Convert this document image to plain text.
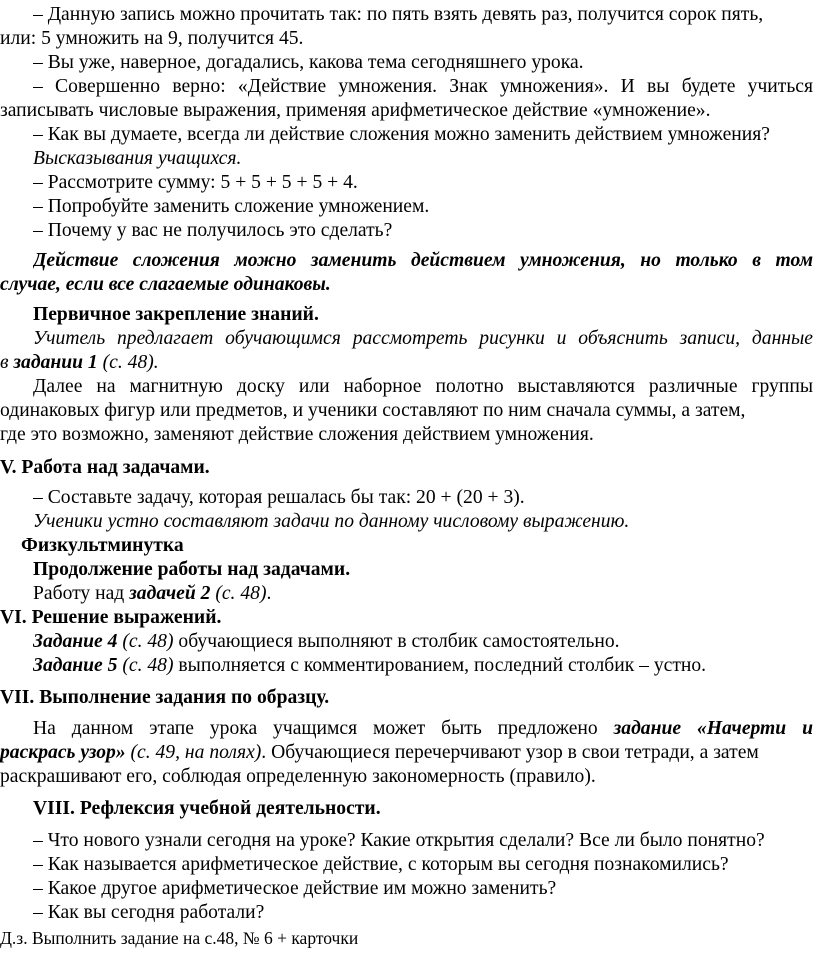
– Данную запись можно прочитать так: по пять взять девять раз, получится сорок пять,
или: 5 умножить на 9, получится 45.
– Вы уже, наверное, догадались, какова тема сегодняшнего урока.
– Совершенно верно: «Действие умножения. Знак умножения». И вы будете учиться
записывать числовые выражения, применяя арифметическое действие «умножение».
– Как вы думаете, всегда ли действие сложения можно заменить действием умножения?
Высказывания учащихся.
– Рассмотрите сумму: 5 + 5 + 5 + 5 + 4.
– Попробуйте заменить сложение умножением.
– Почему у вас не получилось это сделать?
Действие сложения можно заменить действием умножения, но только в том
случае, если все слагаемые одинаковы.
Первичное закрепление знаний.
Учитель предлагает обучающимся рассмотреть рисунки и объяснить записи, данные
в задании 1 (с. 48).
Далее на магнитную доску или наборное полотно выставляются различные группы
одинаковых фигур или предметов, и ученики составляют по ним сначала суммы, а затем,
где это возможно, заменяют действие сложения действием умножения.
V. Работа над задачами.
– Составьте задачу, которая решалась бы так: 20 + (20 + 3).
Ученики устно составляют задачи по данному числовому выражению.
Физкультминутка
Продолжение работы над задачами.
Работу над задачей 2 (с. 48).
VI. Решение выражений.
Задание 4 (с. 48) обучающиеся выполняют в столбик самостоятельно.
Задание 5 (с. 48) выполняется с комментированием, последний столбик – устно.
VII. Выполнение задания по образцу.
На данном этапе урока учащимся может быть предложено задание «Начерти и
раскрась узор» (с. 49, на полях). Обучающиеся перечерчивают узор в свои тетради, а затем
раскрашивают его, соблюдая определенную закономерность (правило).
VIII. Рефлексия учебной деятельности.
– Что нового узнали сегодня на уроке? Какие открытия сделали? Все ли было понятно?
– Как называется арифметическое действие, с которым вы сегодня познакомились?
– Какое другое арифметическое действие им можно заменить?
– Как вы сегодня работали?
Д.з. Выполнить задание на с.48, № 6 + карточки
